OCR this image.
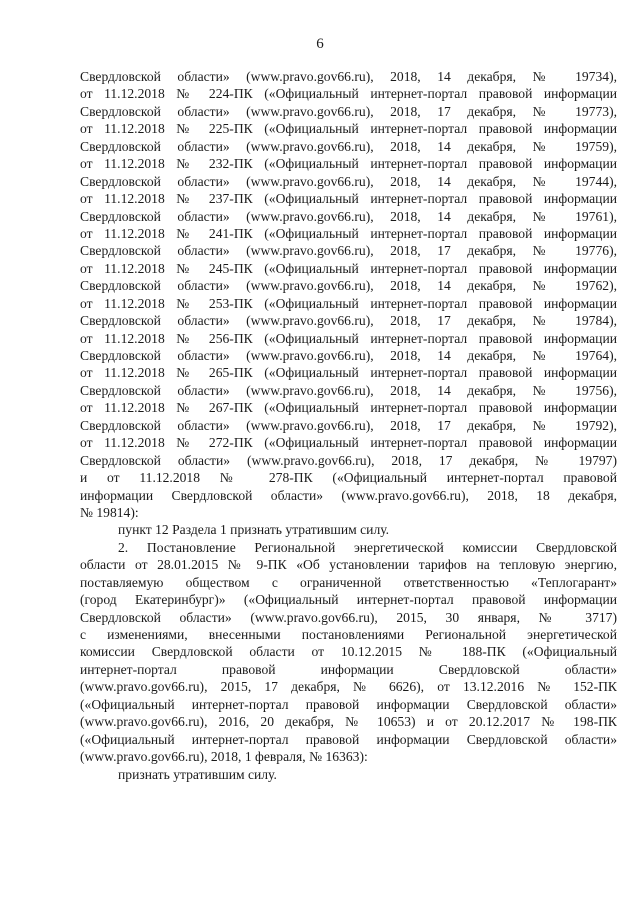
6
Свердловской области» (www.pravo.gov66.ru), 2018, 14 декабря, № 19734),
от 11.12.2018 № 224-ПК («Официальный интернет-портал правовой информации
Свердловской области» (www.pravo.gov66.ru), 2018, 17 декабря, № 19773),
от 11.12.2018 № 225-ПК («Официальный интернет-портал правовой информации
Свердловской области» (www.pravo.gov66.ru), 2018, 14 декабря, № 19759),
от 11.12.2018 № 232-ПК («Официальный интернет-портал правовой информации
Свердловской области» (www.pravo.gov66.ru), 2018, 14 декабря, № 19744),
от 11.12.2018 № 237-ПК («Официальный интернет-портал правовой информации
Свердловской области» (www.pravo.gov66.ru), 2018, 14 декабря, № 19761),
от 11.12.2018 № 241-ПК («Официальный интернет-портал правовой информации
Свердловской области» (www.pravo.gov66.ru), 2018, 17 декабря, № 19776),
от 11.12.2018 № 245-ПК («Официальный интернет-портал правовой информации
Свердловской области» (www.pravo.gov66.ru), 2018, 14 декабря, № 19762),
от 11.12.2018 № 253-ПК («Официальный интернет-портал правовой информации
Свердловской области» (www.pravo.gov66.ru), 2018, 17 декабря, № 19784),
от 11.12.2018 № 256-ПК («Официальный интернет-портал правовой информации
Свердловской области» (www.pravo.gov66.ru), 2018, 14 декабря, № 19764),
от 11.12.2018 № 265-ПК («Официальный интернет-портал правовой информации
Свердловской области» (www.pravo.gov66.ru), 2018, 14 декабря, № 19756),
от 11.12.2018 № 267-ПК («Официальный интернет-портал правовой информации
Свердловской области» (www.pravo.gov66.ru), 2018, 17 декабря, № 19792),
от 11.12.2018 № 272-ПК («Официальный интернет-портал правовой информации
Свердловской области» (www.pravo.gov66.ru), 2018, 17 декабря, № 19797)
и от 11.12.2018 № 278-ПК («Официальный интернет-портал правовой
информации Свердловской области» (www.pravo.gov66.ru), 2018, 18 декабря,
№ 19814):
пункт 12 Раздела 1 признать утратившим силу.
2. Постановление Региональной энергетической комиссии Свердловской
области от 28.01.2015 № 9-ПК «Об установлении тарифов на тепловую энергию,
поставляемую обществом с ограниченной ответственностью «Теплогарант»
(город Екатеринбург)» («Официальный интернет-портал правовой информации
Свердловской области» (www.pravo.gov66.ru), 2015, 30 января, № 3717)
с изменениями, внесенными постановлениями Региональной энергетической
комиссии Свердловской области от 10.12.2015 № 188-ПК («Официальный
интернет-портал правовой информации Свердловской области»
(www.pravo.gov66.ru), 2015, 17 декабря, № 6626), от 13.12.2016 № 152-ПК
(«Официальный интернет-портал правовой информации Свердловской области»
(www.pravo.gov66.ru), 2016, 20 декабря, № 10653) и от 20.12.2017 № 198-ПК
(«Официальный интернет-портал правовой информации Свердловской области»
(www.pravo.gov66.ru), 2018, 1 февраля, № 16363):
признать утратившим силу.
